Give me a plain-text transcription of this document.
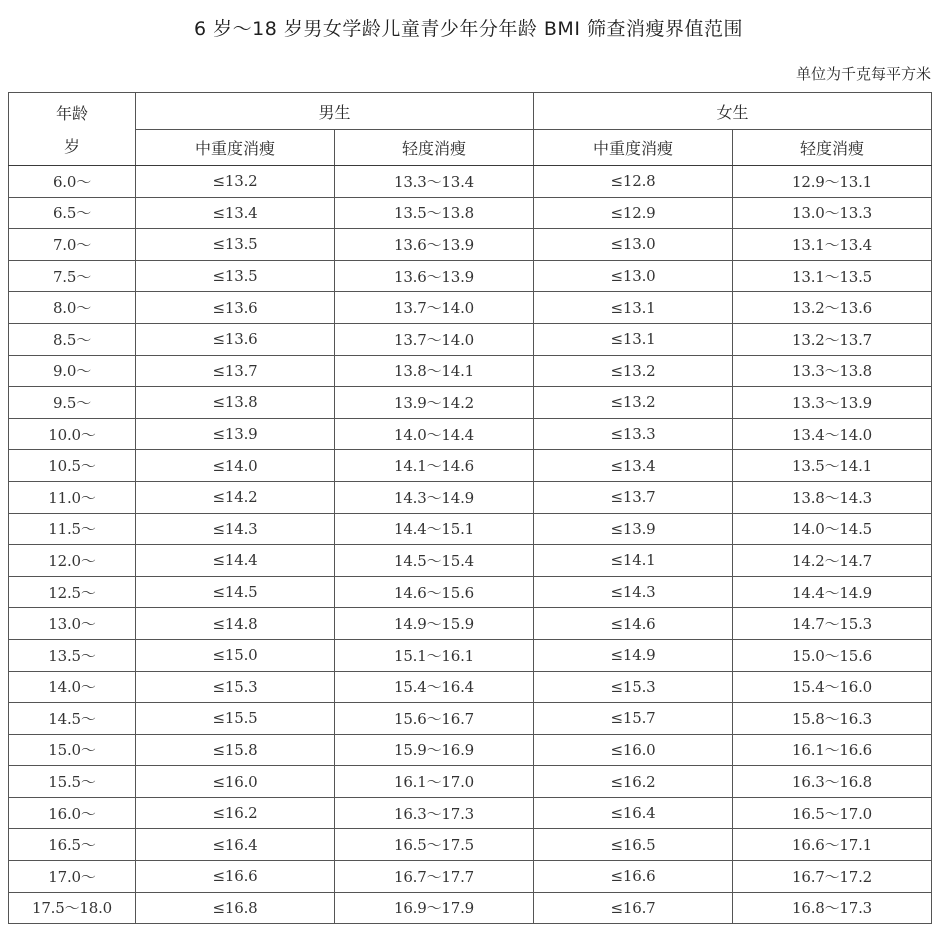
6 岁～18 岁男女学龄儿童青少年分年龄 BMI 筛查消瘦界值范围
单位为千克每平方米
年龄
岁	男生		女生	
	中重度消瘦	轻度消瘦	中重度消瘦	轻度消瘦
6.0～	≤13.2	13.3～13.4	≤12.8	12.9～13.1
6.5～	≤13.4	13.5～13.8	≤12.9	13.0～13.3
7.0～	≤13.5	13.6～13.9	≤13.0	13.1～13.4
7.5～	≤13.5	13.6～13.9	≤13.0	13.1～13.5
8.0～	≤13.6	13.7～14.0	≤13.1	13.2～13.6
8.5～	≤13.6	13.7～14.0	≤13.1	13.2～13.7
9.0～	≤13.7	13.8～14.1	≤13.2	13.3～13.8
9.5～	≤13.8	13.9～14.2	≤13.2	13.3～13.9
10.0～	≤13.9	14.0～14.4	≤13.3	13.4～14.0
10.5～	≤14.0	14.1～14.6	≤13.4	13.5～14.1
11.0～	≤14.2	14.3～14.9	≤13.7	13.8～14.3
11.5～	≤14.3	14.4～15.1	≤13.9	14.0～14.5
12.0～	≤14.4	14.5～15.4	≤14.1	14.2～14.7
12.5～	≤14.5	14.6～15.6	≤14.3	14.4～14.9
13.0～	≤14.8	14.9～15.9	≤14.6	14.7～15.3
13.5～	≤15.0	15.1～16.1	≤14.9	15.0～15.6
14.0～	≤15.3	15.4～16.4	≤15.3	15.4～16.0
14.5～	≤15.5	15.6～16.7	≤15.7	15.8～16.3
15.0～	≤15.8	15.9～16.9	≤16.0	16.1～16.6
15.5～	≤16.0	16.1～17.0	≤16.2	16.3～16.8
16.0～	≤16.2	16.3～17.3	≤16.4	16.5～17.0
16.5～	≤16.4	16.5～17.5	≤16.5	16.6～17.1
17.0～	≤16.6	16.7～17.7	≤16.6	16.7～17.2
17.5～18.0	≤16.8	16.9～17.9	≤16.7	16.8～17.3
